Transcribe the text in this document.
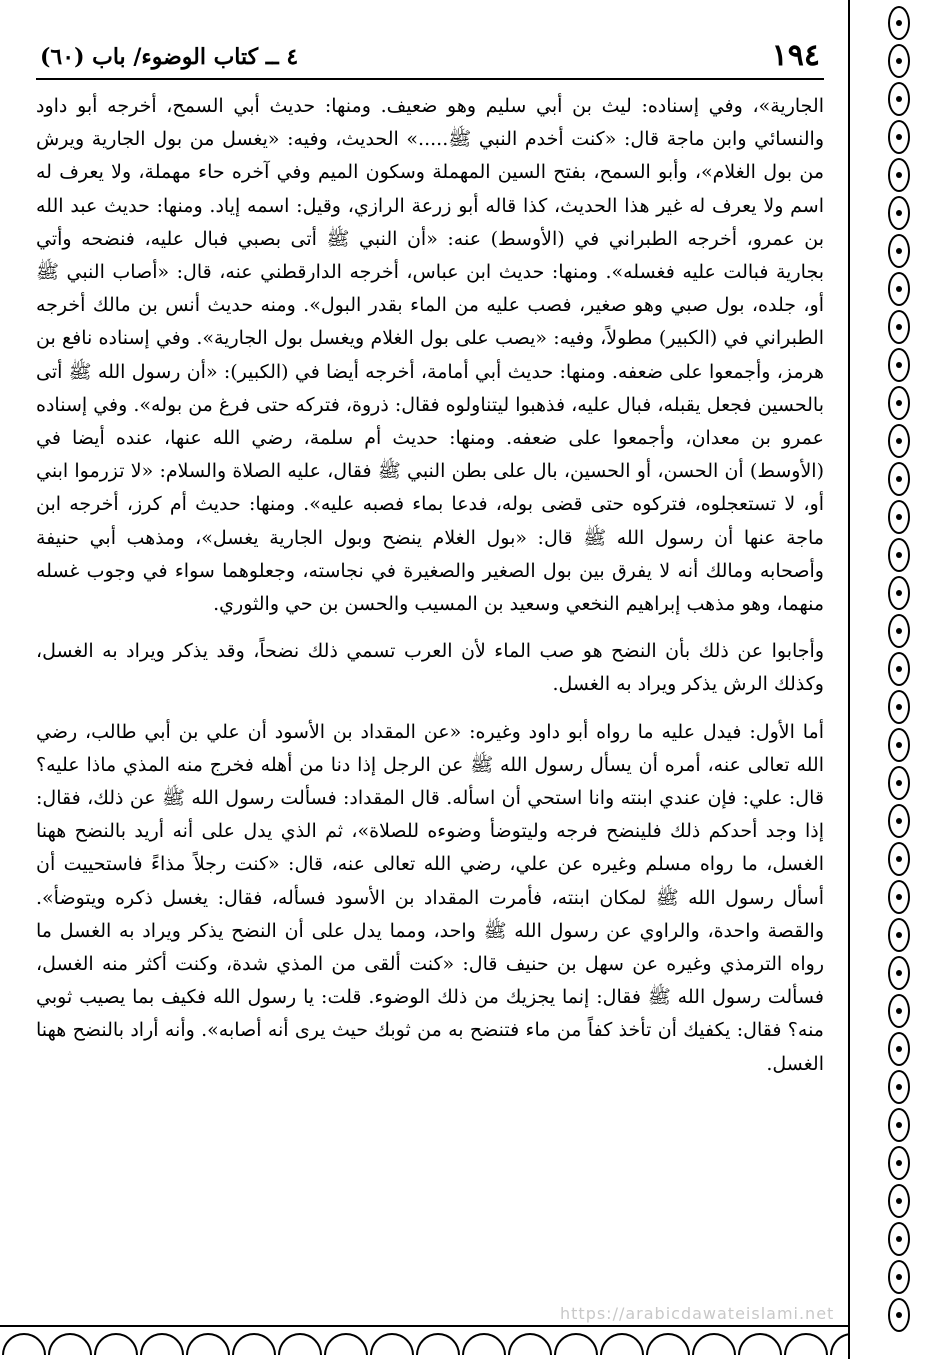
١٩٤
٤ ــ كتاب الوضوء/ باب (٦٠)

الجارية»، وفي إسناده: ليث بن أبي سليم وهو ضعيف. ومنها: حديث أبي السمح، أخرجه أبو داود والنسائي وابن ماجة قال: «كنت أخدم النبي ﷺ.....» الحديث، وفيه: «يغسل من بول الجارية ويرش من بول الغلام»، وأبو السمح، بفتح السين المهملة وسكون الميم وفي آخره حاء مهملة، ولا يعرف له اسم ولا يعرف له غير هذا الحديث، كذا قاله أبو زرعة الرازي، وقيل: اسمه إياد. ومنها: حديث عبد الله بن عمرو، أخرجه الطبراني في (الأوسط) عنه: «أن النبي ﷺ أتى بصبي فبال عليه، فنضحه وأتي بجارية فبالت عليه فغسله». ومنها: حديث ابن عباس، أخرجه الدارقطني عنه، قال: «أصاب النبي ﷺ أو، جلده، بول صبي وهو صغير، فصب عليه من الماء بقدر البول». ومنه حديث أنس بن مالك أخرجه الطبراني في (الكبير) مطولاً، وفيه: «يصب على بول الغلام ويغسل بول الجارية». وفي إسناده نافع بن هرمز، وأجمعوا على ضعفه. ومنها: حديث أبي أمامة، أخرجه أيضا في (الكبير): «أن رسول الله ﷺ أتى بالحسين فجعل يقبله، فبال عليه، فذهبوا ليتناولوه فقال: ذروة، فتركه حتى فرغ من بوله». وفي إسناده عمرو بن معدان، وأجمعوا على ضعفه. ومنها: حديث أم سلمة، رضي الله عنها، عنده أيضا في (الأوسط) أن الحسن، أو الحسين، بال على بطن النبي ﷺ فقال، عليه الصلاة والسلام: «لا تزرموا ابني أو، لا تستعجلوه، فتركوه حتى قضى بوله، فدعا بماء فصبه عليه». ومنها: حديث أم كرز، أخرجه ابن ماجة عنها أن رسول الله ﷺ قال: «بول الغلام ينضح وبول الجارية يغسل»، ومذهب أبي حنيفة وأصحابه ومالك أنه لا يفرق بين بول الصغير والصغيرة في نجاسته، وجعلوهما سواء في وجوب غسله منهما، وهو مذهب إبراهيم النخعي وسعيد بن المسيب والحسن بن حي والثوري.

وأجابوا عن ذلك بأن النضح هو صب الماء لأن العرب تسمي ذلك نضحاً، وقد يذكر ويراد به الغسل، وكذلك الرش يذكر ويراد به الغسل.

أما الأول: فيدل عليه ما رواه أبو داود وغيره: «عن المقداد بن الأسود أن علي بن أبي طالب، رضي الله تعالى عنه، أمره أن يسأل رسول الله ﷺ عن الرجل إذا دنا من أهله فخرج منه المذي ماذا عليه؟ قال: علي: فإن عندي ابنته وانا استحي أن اسأله. قال المقداد: فسألت رسول الله ﷺ عن ذلك، فقال: إذا وجد أحدكم ذلك فلينضح فرجه وليتوضأ وضوءه للصلاة»، ثم الذي يدل على أنه أريد بالنضح ههنا الغسل، ما رواه مسلم وغيره عن علي، رضي الله تعالى عنه، قال: «كنت رجلاً مذاءً فاستحييت أن أسأل رسول الله ﷺ لمكان ابنته، فأمرت المقداد بن الأسود فسأله، فقال: يغسل ذكره ويتوضأ». والقصة واحدة، والراوي عن رسول الله ﷺ واحد، ومما يدل على أن النضح يذكر ويراد به الغسل ما رواه الترمذي وغيره عن سهل بن حنيف قال: «كنت ألقى من المذي شدة، وكنت أكثر منه الغسل، فسألت رسول الله ﷺ فقال: إنما يجزيك من ذلك الوضوء. قلت: يا رسول الله فكيف بما يصيب ثوبي منه؟ فقال: يكفيك أن تأخذ كفاً من ماء فتنضح به من ثوبك حيث يرى أنه أصابه». وأنه أراد بالنضح ههنا الغسل.

https://arabicdawateislami.net
